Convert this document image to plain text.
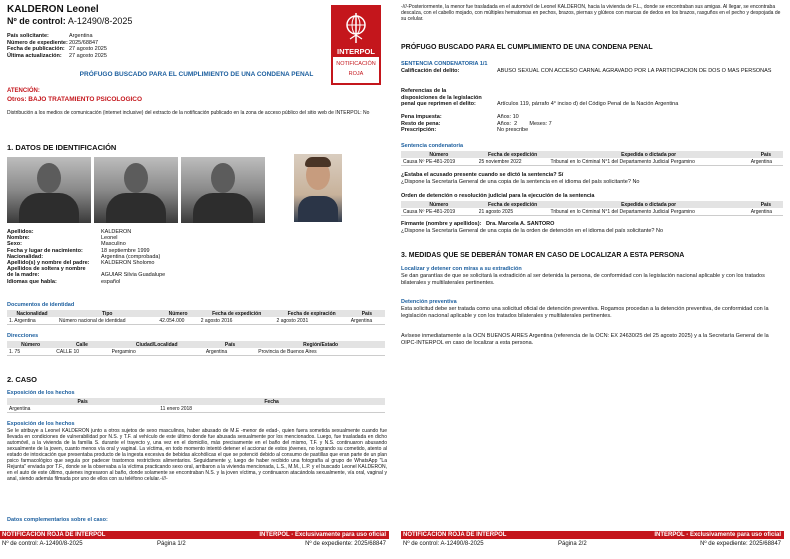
KALDERON Leonel
Nº de control: A-12490/8-2025
País solicitante:	Argentina
Número de expediente:2025/68847
Fecha de publicación: 27 agosto 2025
Última actualización: 27 agosto 2025	INTERPOL
NOTIFICACIÓN
ROJA
PRÓFUGO BUSCADO PARA EL CUMPLIMIENTO DE UNA CONDENA PENAL
ATENCIÓN:
Otros: BAJO TRATAMIENTO PSICOLOGICO
Distribución a los medios de comunicación (internet inclusive) del extracto de la notificación publicado en la zona de acceso público del sitio web de INTERPOL: No
1. DATOS DE IDENTIFICACIÓN
Apellidos:	KALDERON
Nombre:	Leonel
Sexo:	Masculino
Fecha y lugar de nacimiento:	18 septiembre 1999
Nacionalidad:	Argentina (comprobada)
Apellido(s) y nombre del padre: KALDERON Sholomo
Apellidos de soltera y nombre
de la madre:	AGUIAR Silvia Guadalupe
Idiomas que habla:	español
Documentos de identidad
Nacionalidad	Tipo	Número	Fecha de expedición	Fecha de expiración	País
1. Argentina	Número nacional de identidad	42.054.000	2 agosto 2016	2 agosto 2031	Argentina
Direcciones
Número	Calle	Ciudad/Localidad	País	Región/Estado
1. 75	CALLE 10	Pergamino	Argentina	Provincia de Buenos Aires
2. CASO
Exposición de los hechos
País	Fecha
Argentina	11 enero 2018
Exposición de los hechos
Se le atribuye a Leonel KALDERON junto a otros sujetos de sexo masculinos, haber abusado de M.E -menor de edad-, quien fuera sometida sexualmente cuando fue llevada en condiciones de vulnerabilidad por N.S. y T.F. al vehículo de este último donde fue abusada sexualmente por los mencionados. Luego, fue trasladada en dicho automóvil, a la vivienda de la familia S. durante el trayecto y, una vez en el domicilio, más precisamente en el baño del mismo, T.F. y N.S. continuaron abusando sexualmente de la joven, cuanto menos vía oral y vaginal. La víctima, en todo momento intentó detener el accionar de estos jóvenes, no logrando su cometido, atento al estado de intoxicación que presentaba producto de la ingesta excesiva de bebidas alcohólicas el que se potenció debido al consumo de pastillas que eran parte de un plan psico farmacológico que seguía por padecer trastornos restrictivos alimentarios. Seguidamente y, luego de haber recibido una fotografía al grupo de WhatsApp "La Rejunta" enviada por T.F., donde se la observaba a la víctima practicando sexo oral, arribaron a la vivienda mencionada, L.S., M.M., L.P. y el buscado Leonel KALDERON, en el auto de este último, quienes ingresaron al baño, donde solamente se encontraban N.S. y la joven víctima, y continuaron atacándola sexualmente, vía oral, vaginal y anal, siendo además filmada por uno de ellos con su teléfono celular.-///-
Datos complementarios sobre el caso:
NOTIFICACIÓN ROJA DE INTERPOL	INTERPOL - Exclusivamente para uso oficial
Nº de control: A-12490/8-2025	Página 1/2	Nº de expediente: 2025/68847
-///-Posteriormente, la menor fue trasladada en el automóvil de Leonel KALDERON, hacia la vivienda de F.L., donde se encontraban sus amigas. Al llegar, se encontraba descalza, con el cabello mojado, con múltiples hematomas en pechos, brazos, piernas y glúteos con marcas de dedos en los brazos, rasguños en el pecho y despojada de su celular.
PRÓFUGO BUSCADO PARA EL CUMPLIMIENTO DE UNA CONDENA PENAL
SENTENCIA CONDENATORIA 1/1
Calificación del delito:	ABUSO SEXUAL CON ACCESO CARNAL AGRAVADO POR LA PARTICIPACION DE DOS O MAS PERSONAS
Referencias de la
disposiciones de la legislación
penal que reprimen el delito:	Artículos 119, párrafo 4° inciso d) del Código Penal de la Nación Argentina
Pena impuesta:	Años: 10
Resto de pena:	Años:  2        Meses: 7
Prescripción:	No prescribe
Sentencia condenatoria
Número	Fecha de expedición	Expedida o dictada por	País
Causa Nº PE-481-2019	25 noviembre 2022	Tribunal en lo Criminal N°1 del Departamento Judicial Pergamino	Argentina
¿Estaba el acusado presente cuando se dictó la sentencia? Sí
¿Dispone la Secretaría General de una copia de la sentencia en el idioma del país solicitante? No
Orden de detención o resolución judicial para la ejecución de la sentencia
Número	Fecha de expedición	Expedida o dictada por	País
Causa Nº PE-481-2019	21 agosto 2025	Tribunal en lo Criminal N°1 del Departamento Judicial Pergamino	Argentina
Firmante (nombre y apellidos):   Dra. Marcela A. SANTORO
¿Dispone la Secretaría General de una copia de la orden de detención en el idioma del país solicitante? No
3. MEDIDAS QUE SE DEBERÁN TOMAR EN CASO DE LOCALIZAR A ESTA PERSONA
Localizar y detener con miras a su extradición
Se dan garantías de que se solicitará la extradición al ser detenida la persona, de conformidad con la legislación nacional aplicable y con los tratados bilaterales y multilaterales pertinentes.
Detención preventiva
Esta solicitud debe ser tratada como una solicitud oficial de detención preventiva. Rogamos procedan a la detención preventiva, de conformidad con la legislación nacional aplicable y con los tratados bilaterales y multilaterales pertinentes.
Avísese inmediatamente a la OCN BUENOS AIRES Argentina (referencia de la OCN: EX 24630/25 del 25 agosto 2025) y a la Secretaría General de la OIPC-INTERPOL en caso de localizar a esta persona.
NOTIFICACIÓN ROJA DE INTERPOL	INTERPOL - Exclusivamente para uso oficial
Nº de control: A-12490/8-2025	Página 2/2	Nº de expediente: 2025/68847
